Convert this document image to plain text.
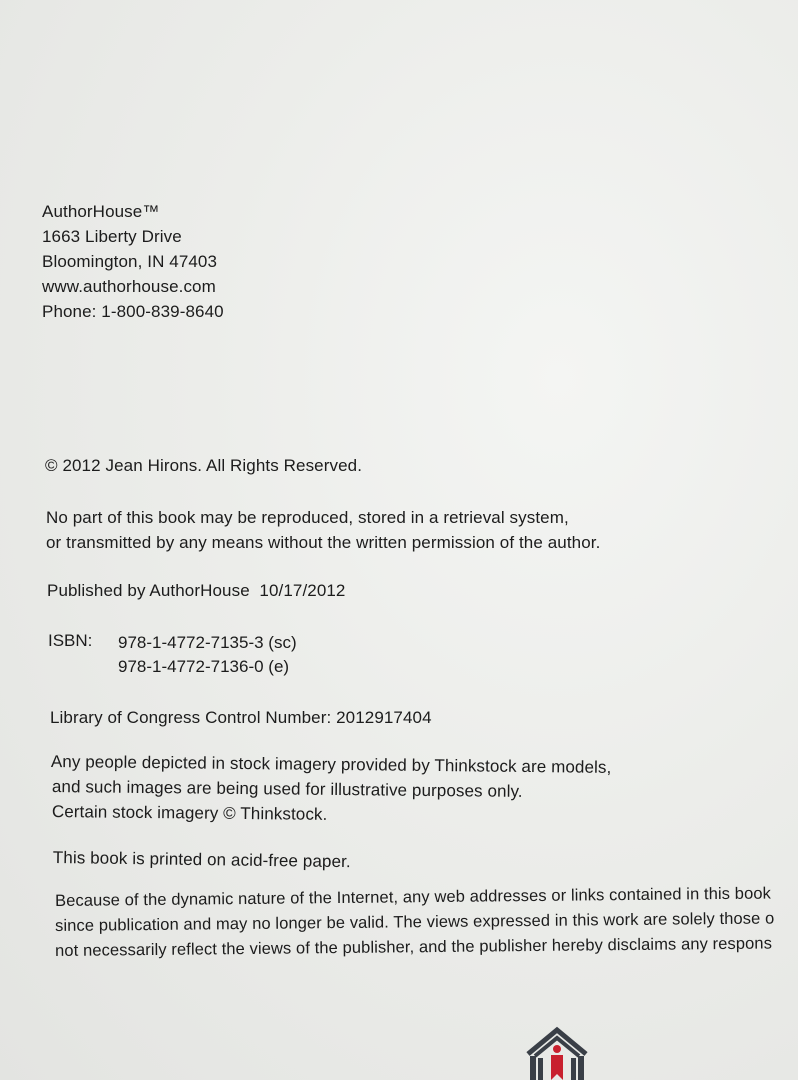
AuthorHouse™
1663 Liberty Drive
Bloomington, IN 47403
www.authorhouse.com
Phone: 1-800-839-8640
© 2012 Jean Hirons. All Rights Reserved.
No part of this book may be reproduced, stored in a retrieval system,
or transmitted by any means without the written permission of the author.
Published by AuthorHouse  10/17/2012
ISBN: 978-1-4772-7135-3 (sc)
978-1-4772-7136-0 (e)
Library of Congress Control Number: 2012917404
Any people depicted in stock imagery provided by Thinkstock are models,
and such images are being used for illustrative purposes only.
Certain stock imagery © Thinkstock.
This book is printed on acid-free paper.
Because of the dynamic nature of the Internet, any web addresses or links contained in this book
since publication and may no longer be valid. The views expressed in this work are solely those o
not necessarily reflect the views of the publisher, and the publisher hereby disclaims any respons
